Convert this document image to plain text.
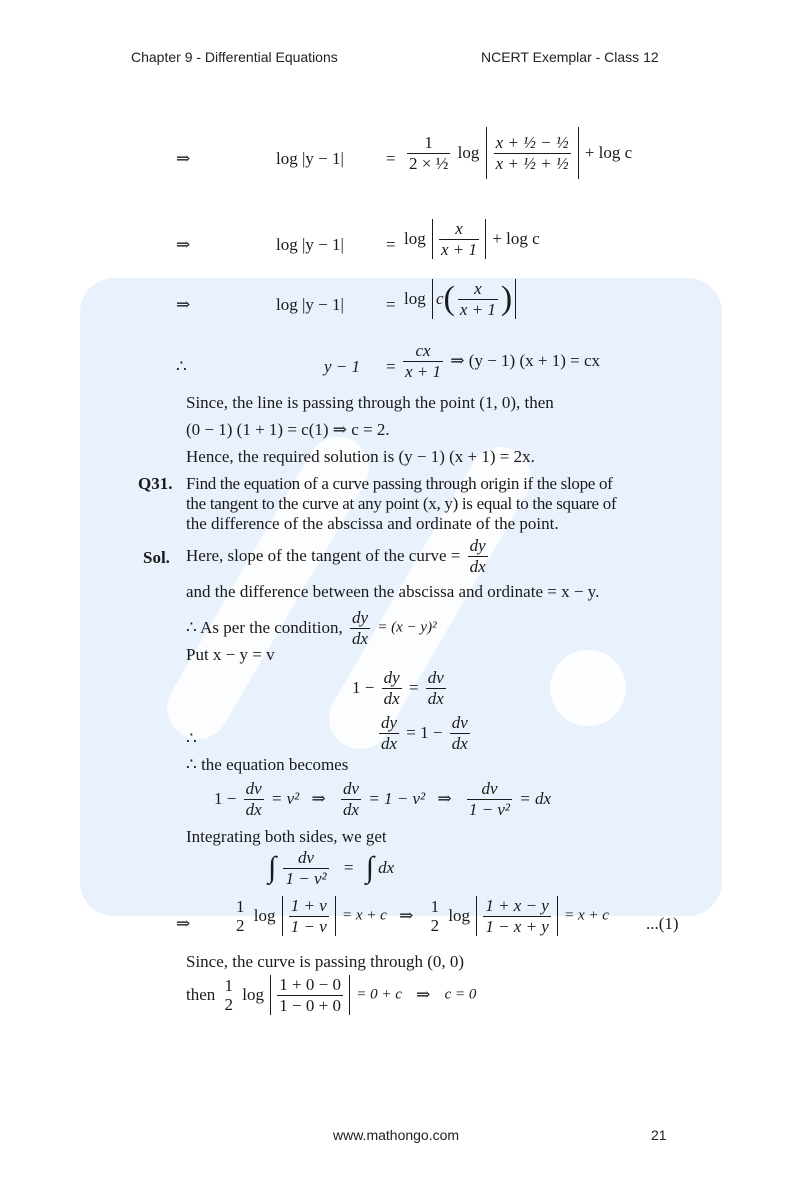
Chapter 9 - Differential Equations	NCERT Exemplar - Class 12
⇒	$\log |y - 1| = \frac{1}{\text{2 × ½}}$ $\log \frac{\text{x + ½ − ½}}{\text{x + ½ + ½}} + \log c$
⇒	$\log |y - 1| = \log \frac{x}{x + 1} + \log c$
⇒	$\log |y - 1| = \log c( \frac{x}{x + 1}$ )
∴	$y - 1 = \frac{cx}{x + 1}$ ⇒ (y − 1) (x + 1) = cx
Since, the line is passing through the point (1, 0), then
(0 − 1) (1 + 1) = c(1) ⇒ c = 2.
Hence, the required solution is (y − 1) (x + 1) = 2x.
Q31. Find the equation of a curve passing through origin if the slope of
the tangent to the curve at any point (x, y) is equal to the square of
the difference of the abscissa and ordinate of the point.
Sol. Here, slope of the tangent of the curve = $\frac{dy}{dx}$
and the difference between the abscissa and ordinate = x − y.
∴ As per the condition, $\frac{dy}{dx} = (x - y)^2$
Put x − y = v
$1 - \frac{dy}{dx} = \frac{dv}{dx}$
∴	$\frac{dy}{dx} = 1 - \frac{dv}{dx}$
∴ the equation becomes
$1 - \frac{dv}{dx} = v^2$ ⇒ $\frac{dv}{dx} = 1 - v^2$ ⇒ $\frac{dv}{\text{1 − v²}}$ = dx
Integrating both sides, we get
∫ $\frac{dv}{\text{1 − v²}}$ = ∫ dx
⇒
1
2
$\log \frac{1 + v}{1 - v} = x + c$ ⇒
1
2
$\log \frac{1 + x - y}{1 - x + y} = x + c$ ...(1)
Since, the curve is passing through (0, 0)
then
1
2
$\log \frac{1 + 0 - 0}{1 - 0 + 0} = 0 + c$ ⇒ c = 0
www.mathongo.com	21
